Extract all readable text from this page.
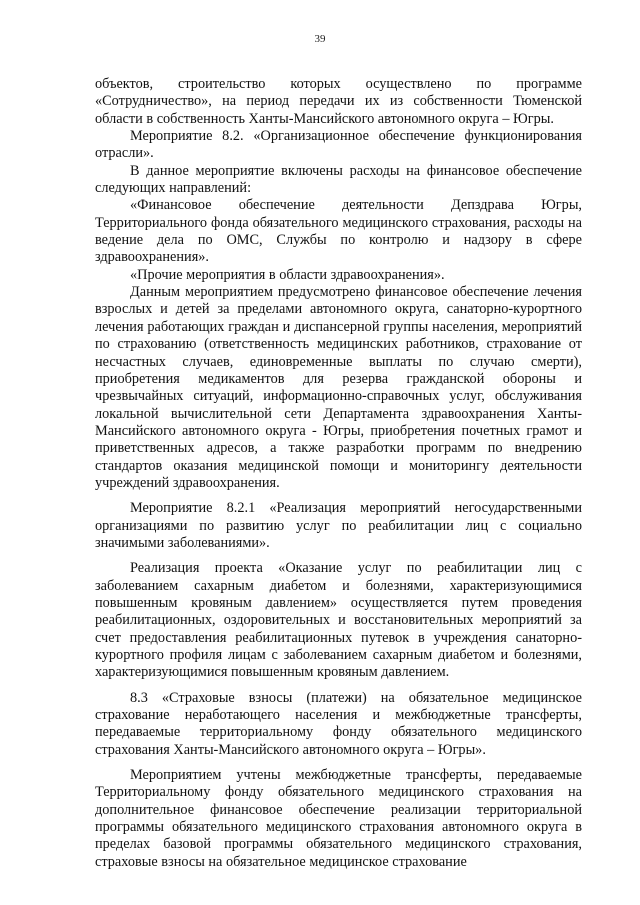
39

объектов, строительство которых осуществлено по программе «Сотрудничество», на период передачи их из собственности Тюменской области в собственность Ханты-Мансийского автономного округа – Югры.

Мероприятие 8.2. «Организационное обеспечение функционирования отрасли».

В данное мероприятие включены расходы на финансовое обеспечение следующих направлений:

«Финансовое обеспечение деятельности Депздрава Югры, Территориального фонда обязательного медицинского страхования, расходы на ведение дела по ОМС, Службы по контролю и надзору в сфере здравоохранения».

«Прочие мероприятия в области здравоохранения».

Данным мероприятием предусмотрено финансовое обеспечение лечения взрослых и детей за пределами автономного округа, санаторно-курортного лечения работающих граждан и диспансерной группы населения, мероприятий по страхованию (ответственность медицинских работников, страхование от несчастных случаев, единовременные выплаты по случаю смерти), приобретения медикаментов для резерва гражданской обороны и чрезвычайных ситуаций, информационно-справочных услуг, обслуживания локальной вычислительной сети Департамента здравоохранения Ханты-Мансийского автономного округа - Югры, приобретения почетных грамот и приветственных адресов, а также разработки программ по внедрению стандартов оказания медицинской помощи и мониторингу деятельности учреждений здравоохранения.

Мероприятие 8.2.1 «Реализация мероприятий негосударственными организациями по развитию услуг по реабилитации лиц с социально значимыми заболеваниями».

Реализация проекта «Оказание услуг по реабилитации лиц с заболеванием сахарным диабетом и болезнями, характеризующимися повышенным кровяным давлением» осуществляется путем проведения реабилитационных, оздоровительных и восстановительных мероприятий за счет предоставления реабилитационных путевок в учреждения санаторно-курортного профиля лицам с заболеванием сахарным диабетом и болезнями, характеризующимися повышенным кровяным давлением.

8.3 «Страховые взносы (платежи) на обязательное медицинское страхование неработающего населения и межбюджетные трансферты, передаваемые территориальному фонду обязательного медицинского страхования Ханты-Мансийского автономного округа – Югры».

Мероприятием учтены межбюджетные трансферты, передаваемые Территориальному фонду обязательного медицинского страхования на дополнительное финансовое обеспечение реализации территориальной программы обязательного медицинского страхования автономного округа в пределах базовой программы обязательного медицинского страхования, страховые взносы на обязательное медицинское страхование
